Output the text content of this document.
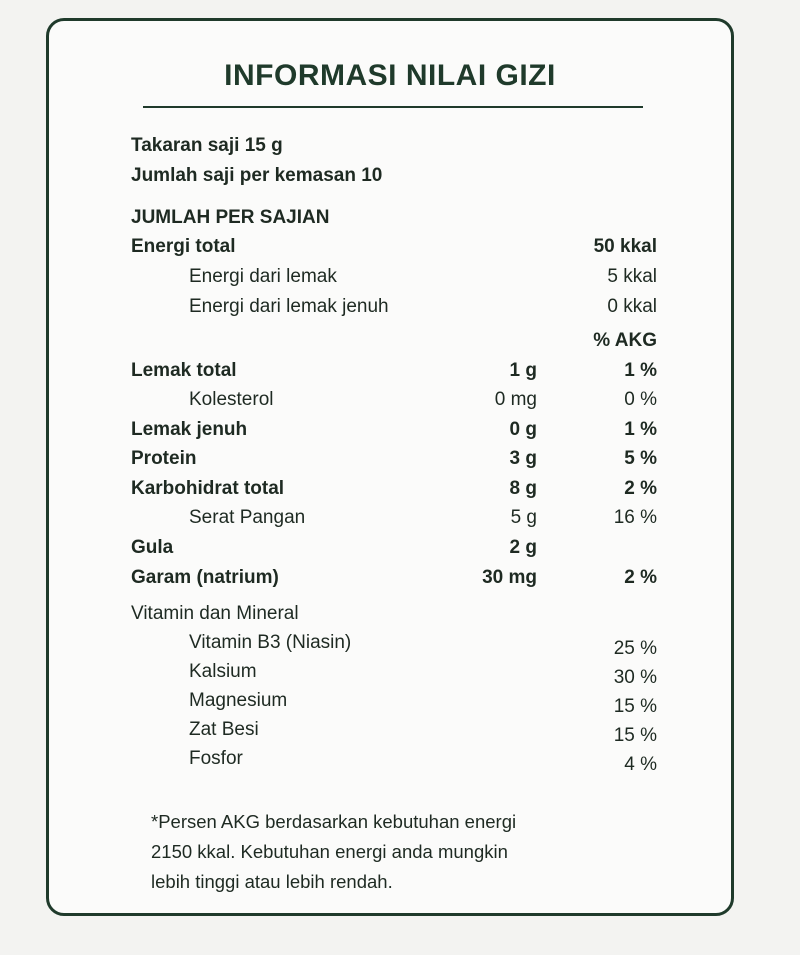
INFORMASI NILAI GIZI
Takaran saji 15 g
Jumlah saji per kemasan 10
JUMLAH PER SAJIAN
Energi total	50 kkal
Energi dari lemak	5 kkal
Energi dari lemak jenuh	0 kkal
% AKG
Lemak total	1 g	1 %
Kolesterol	0 mg	0 %
Lemak jenuh	0 g	1 %
Protein	3 g	5 %
Karbohidrat total	8 g	2 %
Serat Pangan	5 g	16 %
Gula	2 g
Garam (natrium)	30 mg	2 %
Vitamin dan Mineral
Vitamin B3 (Niasin)	25 %
Kalsium	30 %
Magnesium	15 %
Zat Besi	15 %
Fosfor	4 %
*Persen AKG berdasarkan kebutuhan energi
2150 kkal. Kebutuhan energi anda mungkin
lebih tinggi atau lebih rendah.
